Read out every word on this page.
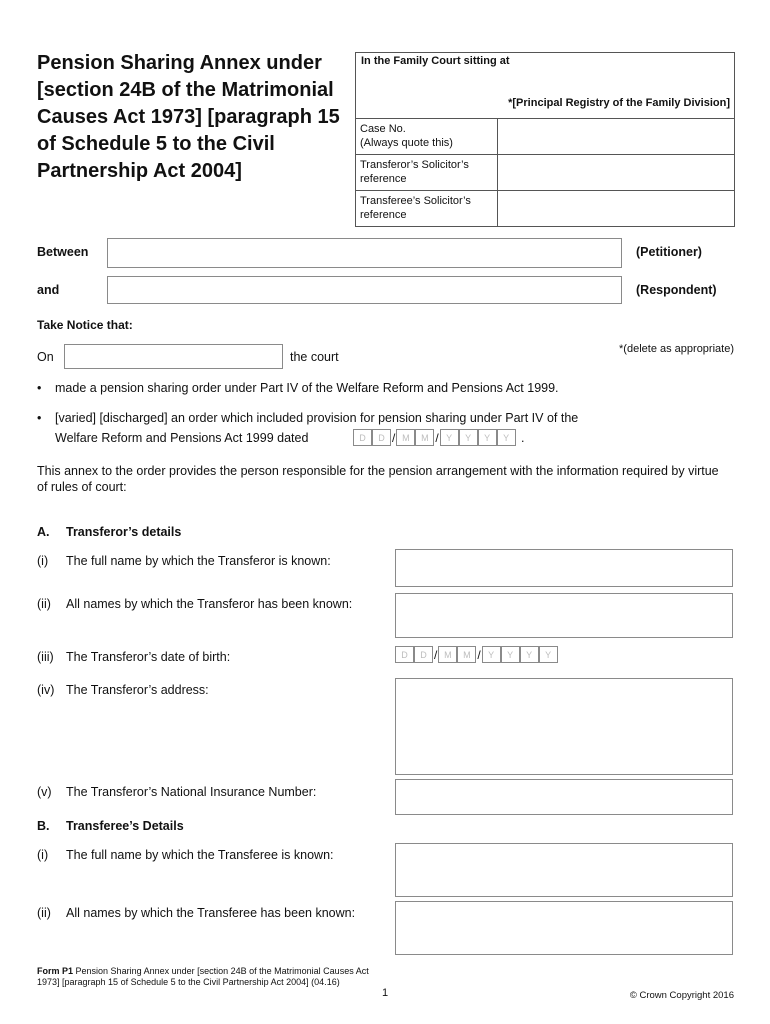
Pension Sharing Annex under [section 24B of the Matrimonial Causes Act 1973] [paragraph 15 of Schedule 5 to the Civil Partnership Act 2004]
In the Family Court sitting at
*[Principal Registry of the Family Division]
Case No.
(Always quote this)
Transferor’s Solicitor’s
reference
Transferee’s Solicitor’s
reference
Between	(Petitioner)
and	(Respondent)
Take Notice that:
On	the court
*(delete as appropriate)
• made a pension sharing order under Part IV of the Welfare Reform and Pensions Act 1999.
• [varied] [discharged] an order which included provision for pension sharing under Part IV of the
Welfare Reform and Pensions Act 1999 dated	D	D / M	M / Y	Y	Y	Y .
This annex to the order provides the person responsible for the pension arrangement with the information required by virtue of rules of court:
A. Transferor’s details
(i) The full name by which the Transferor is known:
(ii) All names by which the Transferor has been known:
(iii) The Transferor’s date of birth:	D	D / M	M / Y	Y	Y	Y
(iv) The Transferor’s address:
(v) The Transferor’s National Insurance Number:
B. Transferee’s Details
(i) The full name by which the Transferee is known:
(ii) All names by which the Transferee has been known:
Form P1 Pension Sharing Annex under [section 24B of the Matrimonial Causes Act 1973] [paragraph 15 of Schedule 5 to the Civil Partnership Act 2004] (04.16)
1	© Crown Copyright 2016
